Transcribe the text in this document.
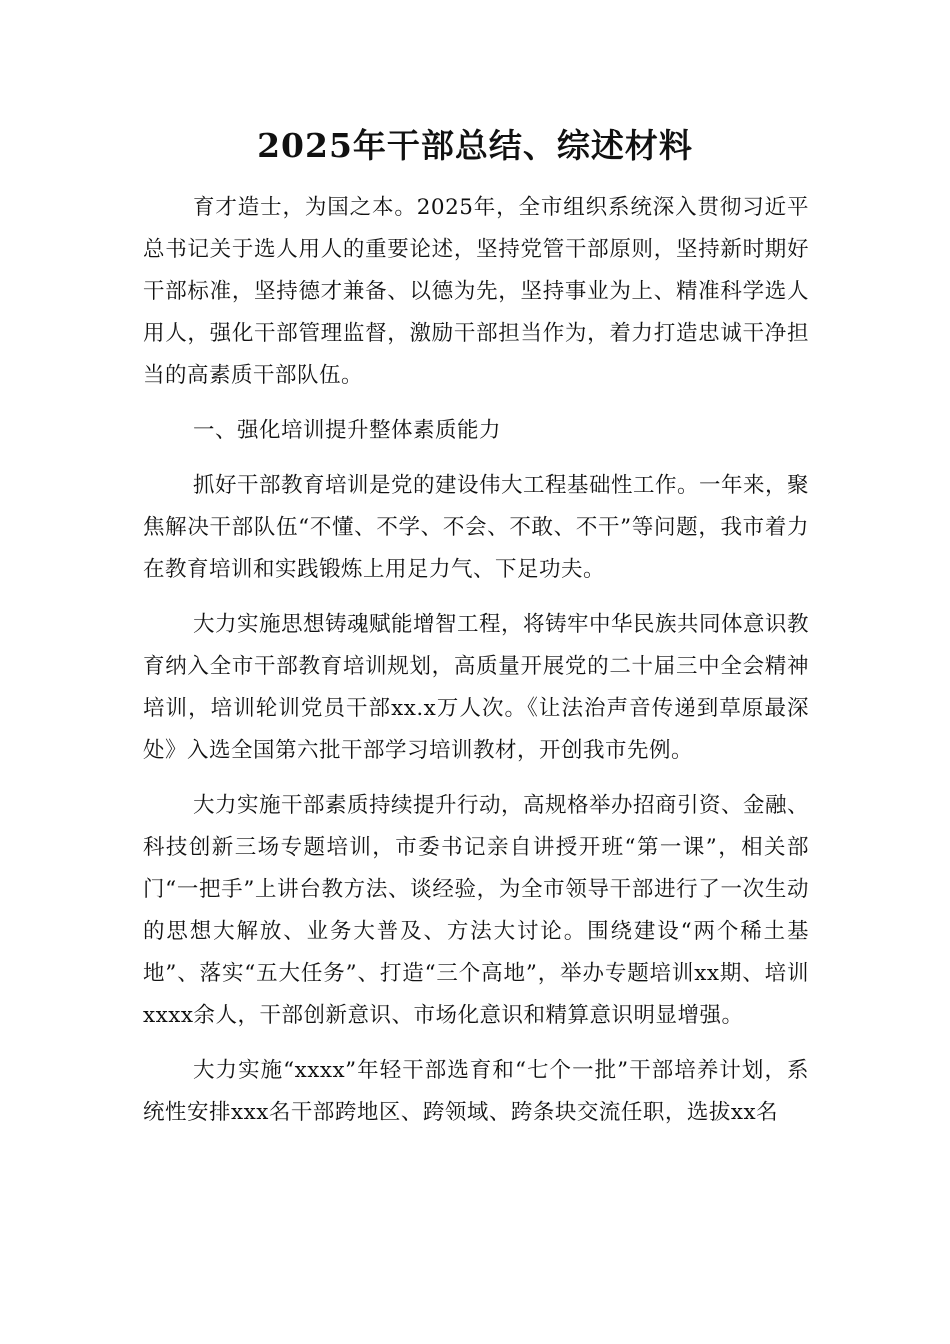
2025年干部总结、综述材料

育才造士，为国之本。2025年，全市组织系统深入贯彻习近平总书记关于选人用人的重要论述，坚持党管干部原则，坚持新时期好干部标准，坚持德才兼备、以德为先，坚持事业为上、精准科学选人用人，强化干部管理监督，激励干部担当作为，着力打造忠诚干净担当的高素质干部队伍。

一、强化培训提升整体素质能力

抓好干部教育培训是党的建设伟大工程基础性工作。一年来，聚焦解决干部队伍“不懂、不学、不会、不敢、不干”等问题，我市着力在教育培训和实践锻炼上用足力气、下足功夫。

大力实施思想铸魂赋能增智工程，将铸牢中华民族共同体意识教育纳入全市干部教育培训规划，高质量开展党的二十届三中全会精神培训，培训轮训党员干部xx.x万人次。《让法治声音传递到草原最深处》入选全国第六批干部学习培训教材，开创我市先例。

大力实施干部素质持续提升行动，高规格举办招商引资、金融、科技创新三场专题培训，市委书记亲自讲授开班“第一课”，相关部门“一把手”上讲台教方法、谈经验，为全市领导干部进行了一次生动的思想大解放、业务大普及、方法大讨论。围绕建设“两个稀土基地”、落实“五大任务”、打造“三个高地”，举办专题培训xx期、培训xxxx余人，干部创新意识、市场化意识和精算意识明显增强。

大力实施“xxxx”年轻干部选育和“七个一批”干部培养计划，系统性安排xxx名干部跨地区、跨领域、跨条块交流任职，选拔xx名
